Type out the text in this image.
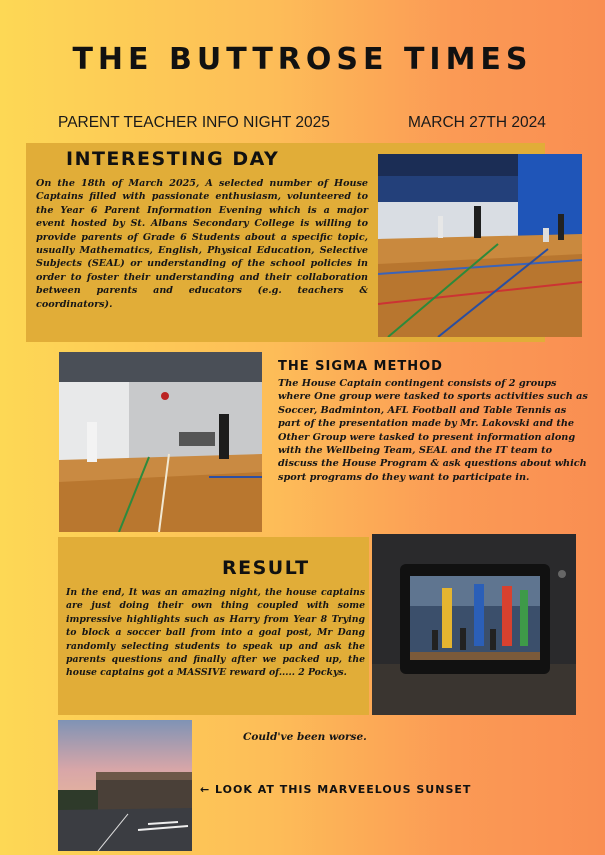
THE BUTTROSE TIMES
PARENT TEACHER INFO NIGHT 2025	MARCH 27TH 2024
INTERESTING DAY
On the 18th of March 2025, A selected number of House Captains filled with passionate enthusiasm, volunteered to the Year 6 Parent Information Evening which is a major event hosted by St. Albans Secondary College is willing to provide parents of Grade 6 Students about a specific topic, usually Mathematics, English, Physical Education, Selective Subjects (SEAL) or understanding of the school policies in order to foster their understanding and their collaboration between parents and educators (e.g. teachers & coordinators).
THE SIGMA METHOD
The House Captain contingent consists of 2 groups where One group were tasked to sports activities such as Soccer, Badminton, AFL Football and Table Tennis as part of the presentation made by Mr. Lakovski and the Other Group were tasked to present information along with the Wellbeing Team, SEAL and the IT team to discuss the House Program & ask questions about which sport programs do they want to participate in.
RESULT
In the end, It was an amazing night, the house captains are just doing their own thing coupled with some impressive highlights such as Harry from Year 8 Trying to block a soccer ball from into a goal post, Mr Dang randomly selecting students to speak up and ask the parents questions and finally after we packed up, the house captains got a MASSIVE reward of..... 2 Pockys.
Could've been worse.
← LOOK AT THIS MARVEELOUS SUNSET
